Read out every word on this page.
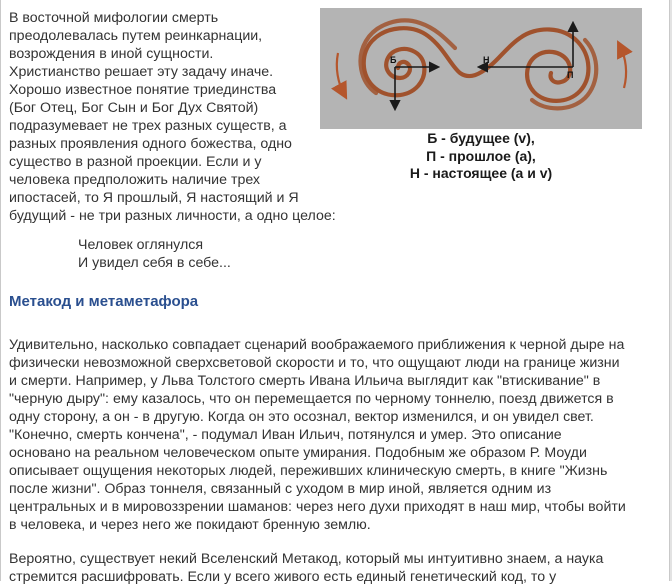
В восточной мифологии смерть
преодолевалась путем реинкарнации,
возрождения в иной сущности.
Христианство решает эту задачу иначе.
Хорошо известное понятие триединства
(Бог Отец, Бог Сын и Бог Дух Святой)
подразумевает не трех разных существ, а
разных проявления одного божества, одно
существо в разной проекции. Если и у
человека предположить наличие трех
ипостасей, то Я прошлый, Я настоящий и Я
будущий - не три разных личности, а одно целое:
Б	Н
П
Б - будущее (v),
П - прошлое (a),
Н - настоящее (a и v)
Человек оглянулся
И увидел себя в себе...
Метакод и метаметафора
Удивительно, насколько совпадает сценарий воображаемого приближения к черной дыре на
физически невозможной сверхсветовой скорости и то, что ощущают люди на границе жизни
и смерти. Например, у Льва Толстого смерть Ивана Ильича выглядит как "втискивание" в
"черную дыру": ему казалось, что он перемещается по черному тоннелю, поезд движется в
одну сторону, а он - в другую. Когда он это осознал, вектор изменился, и он увидел свет.
"Конечно, смерть кончена", - подумал Иван Ильич, потянулся и умер. Это описание
основано на реальном человеческом опыте умирания. Подобным же образом Р. Моуди
описывает ощущения некоторых людей, переживших клиническую смерть, в книге "Жизнь
после жизни". Образ тоннеля, связанный с уходом в мир иной, является одним из
центральных и в мировоззрении шаманов: через него духи приходят в наш мир, чтобы войти
в человека, и через него же покидают бренную землю.
Вероятно, существует некий Вселенский Метакод, который мы интуитивно знаем, а наука
стремится расшифровать. Если у всего живого есть единый генетический код, то у
